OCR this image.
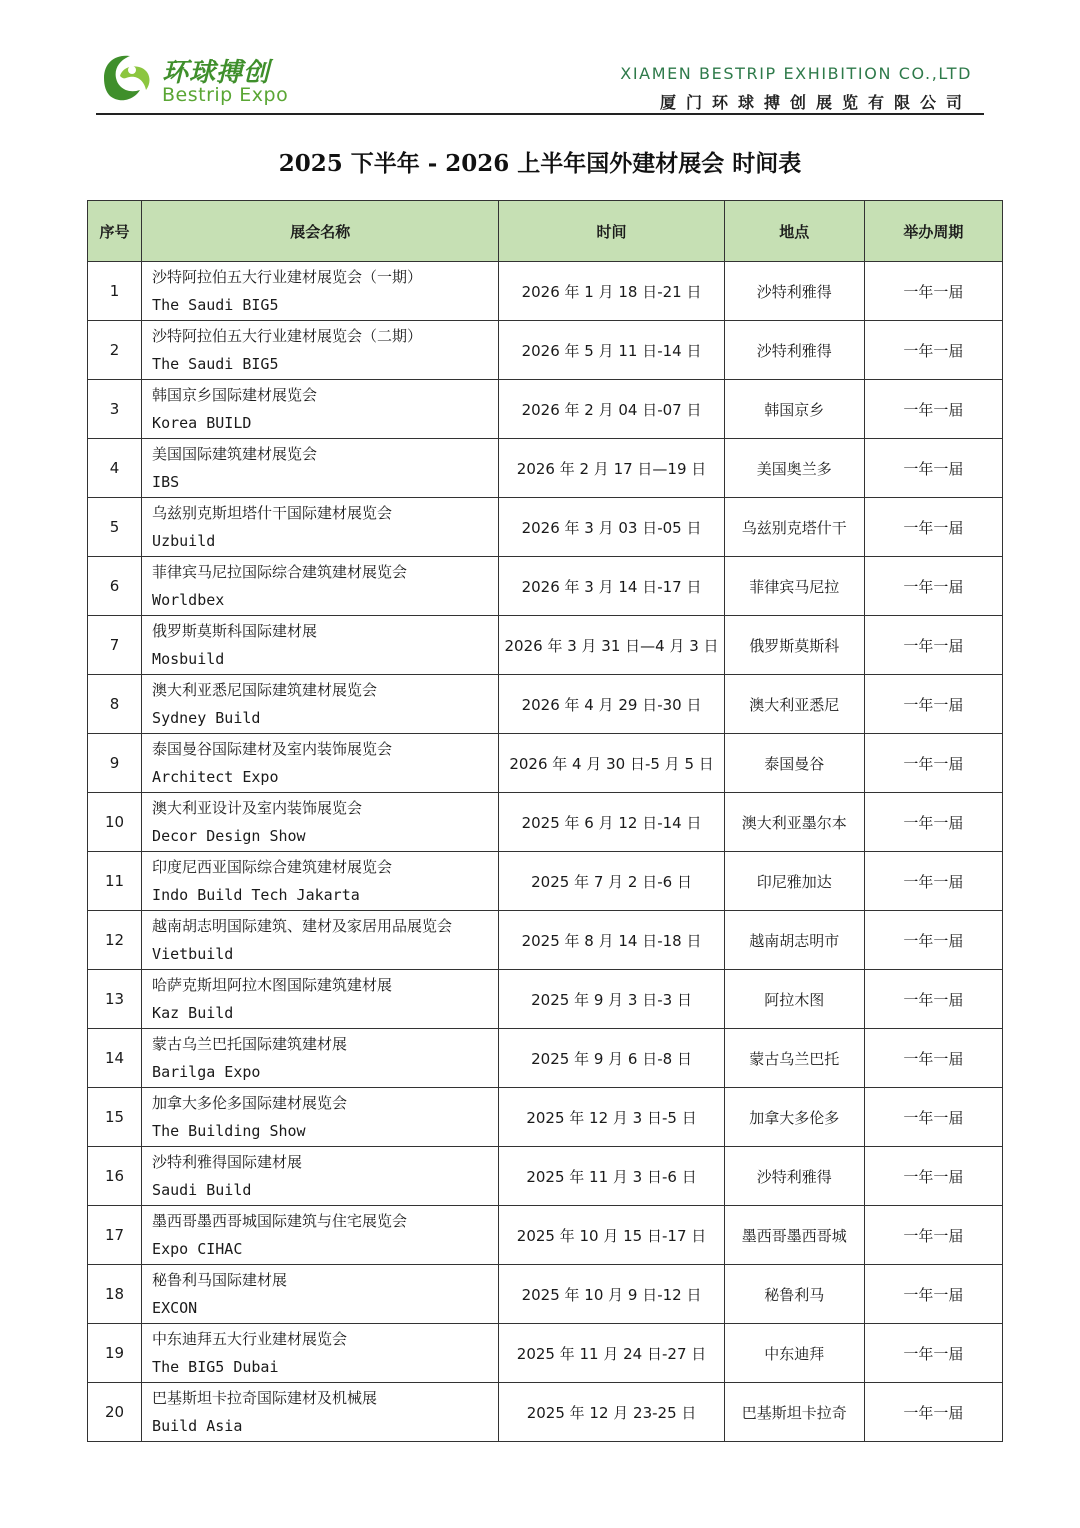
环球搏创
Bestrip Expo
XIAMEN BESTRIP EXHIBITION CO.,LTD
厦门环球搏创展览有限公司
2025 下半年 - 2026 上半年国外建材展会 时间表
序号	展会名称	时间	地点	举办周期
1	沙特阿拉伯五大行业建材展览会（一期）
The Saudi BIG5	2026 年 1 月 18 日-21 日	沙特利雅得	一年一届
2	沙特阿拉伯五大行业建材展览会（二期）
The Saudi BIG5	2026 年 5 月 11 日-14 日	沙特利雅得	一年一届
3	韩国京乡国际建材展览会
Korea BUILD	2026 年 2 月 04 日-07 日	韩国京乡	一年一届
4	美国国际建筑建材展览会
IBS	2026 年 2 月 17 日—19 日	美国奥兰多	一年一届
5	乌兹别克斯坦塔什干国际建材展览会
Uzbuild	2026 年 3 月 03 日-05 日	乌兹别克塔什干	一年一届
6	菲律宾马尼拉国际综合建筑建材展览会
Worldbex	2026 年 3 月 14 日-17 日	菲律宾马尼拉	一年一届
7	俄罗斯莫斯科国际建材展
Mosbuild	2026 年 3 月 31 日—4 月 3 日	俄罗斯莫斯科	一年一届
8	澳大利亚悉尼国际建筑建材展览会
Sydney Build	2026 年 4 月 29 日-30 日	澳大利亚悉尼	一年一届
9	泰国曼谷国际建材及室内装饰展览会
Architect Expo	2026 年 4 月 30 日-5 月 5 日	泰国曼谷	一年一届
10	澳大利亚设计及室内装饰展览会
Decor Design Show	2025 年 6 月 12 日-14 日	澳大利亚墨尔本	一年一届
11	印度尼西亚国际综合建筑建材展览会
Indo Build Tech Jakarta	2025 年 7 月 2 日-6 日	印尼雅加达	一年一届
12	越南胡志明国际建筑、建材及家居用品展览会
Vietbuild	2025 年 8 月 14 日-18 日	越南胡志明市	一年一届
13	哈萨克斯坦阿拉木图国际建筑建材展
Kaz Build	2025 年 9 月 3 日-3 日	阿拉木图	一年一届
14	蒙古乌兰巴托国际建筑建材展
Barilga Expo	2025 年 9 月 6 日-8 日	蒙古乌兰巴托	一年一届
15	加拿大多伦多国际建材展览会
The Building Show	2025 年 12 月 3 日-5 日	加拿大多伦多	一年一届
16	沙特利雅得国际建材展
Saudi Build	2025 年 11 月 3 日-6 日	沙特利雅得	一年一届
17	墨西哥墨西哥城国际建筑与住宅展览会
Expo CIHAC	2025 年 10 月 15 日-17 日	墨西哥墨西哥城	一年一届
18	秘鲁利马国际建材展
EXCON	2025 年 10 月 9 日-12 日	秘鲁利马	一年一届
19	中东迪拜五大行业建材展览会
The BIG5 Dubai	2025 年 11 月 24 日-27 日	中东迪拜	一年一届
20	巴基斯坦卡拉奇国际建材及机械展
Build Asia	2025 年 12 月 23-25 日	巴基斯坦卡拉奇	一年一届
